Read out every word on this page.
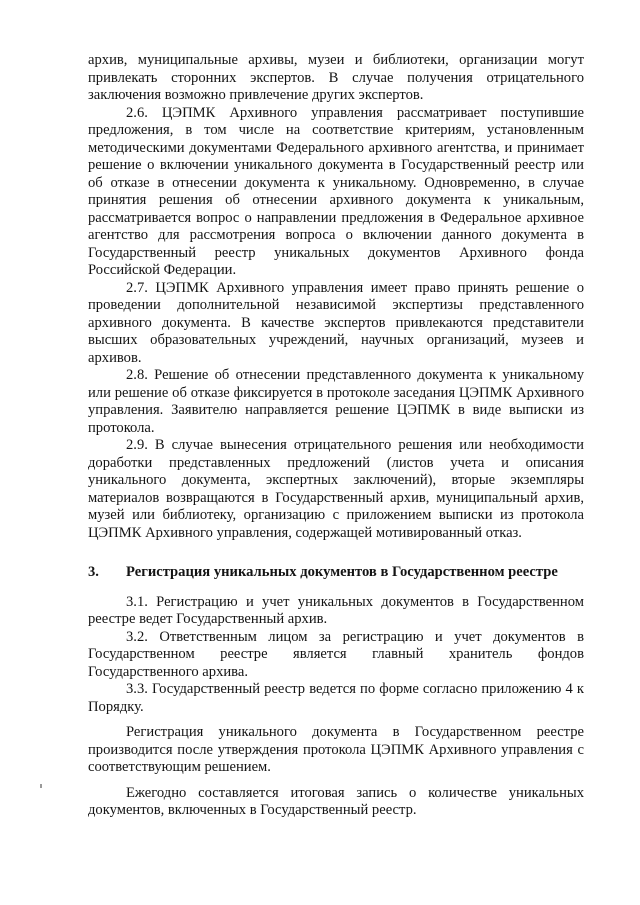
архив, муниципальные архивы, музеи и библиотеки, организации могут привлекать сторонних экспертов. В случае получения отрицательного заключения возможно привлечение других экспертов.

2.6. ЦЭПМК Архивного управления рассматривает поступившие предложения, в том числе на соответствие критериям, установленным методическими документами Федерального архивного агентства, и принимает решение о включении уникального документа в Государственный реестр или об отказе в отнесении документа к уникальному. Одновременно, в случае принятия решения об отнесении архивного документа к уникальным, рассматривается вопрос о направлении предложения в Федеральное архивное агентство для рассмотрения вопроса о включении данного документа в Государственный реестр уникальных документов Архивного фонда Российской Федерации.

2.7. ЦЭПМК Архивного управления имеет право принять решение о проведении дополнительной независимой экспертизы представленного архивного документа. В качестве экспертов привлекаются представители высших образовательных учреждений, научных организаций, музеев и архивов.

2.8. Решение об отнесении представленного документа к уникальному или решение об отказе фиксируется в протоколе заседания ЦЭПМК Архивного управления. Заявителю направляется решение ЦЭПМК в виде выписки из протокола.

2.9. В случае вынесения отрицательного решения или необходимости доработки представленных предложений (листов учета и описания уникального документа, экспертных заключений), вторые экземпляры материалов возвращаются в Государственный архив, муниципальный архив, музей или библиотеку, организацию с приложением выписки из протокола ЦЭПМК Архивного управления, содержащей мотивированный отказ.

3.	Регистрация уникальных документов в Государственном реестре

3.1. Регистрацию и учет уникальных документов в Государственном реестре ведет Государственный архив.

3.2. Ответственным лицом за регистрацию и учет документов в Государственном реестре является главный хранитель фондов Государственного архива.

3.3. Государственный реестр ведется по форме согласно приложению 4 к Порядку.

Регистрация уникального документа в Государственном реестре производится после утверждения протокола ЦЭПМК Архивного управления с соответствующим решением.

Ежегодно составляется итоговая запись о количестве уникальных документов, включенных в Государственный реестр.
